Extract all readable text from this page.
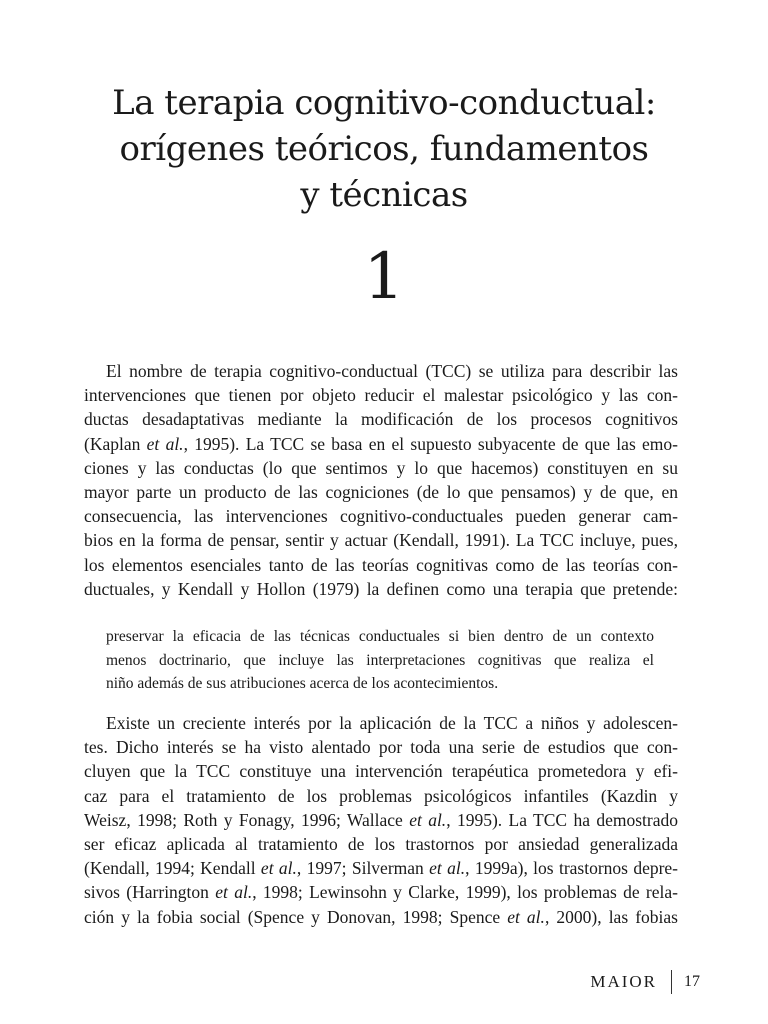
La terapia cognitivo-conductual:
orígenes teóricos, fundamentos
y técnicas
1

El nombre de terapia cognitivo-conductual (TCC) se utiliza para describir las
intervenciones que tienen por objeto reducir el malestar psicológico y las con-
ductas desadaptativas mediante la modificación de los procesos cognitivos
(Kaplan et al., 1995). La TCC se basa en el supuesto subyacente de que las emo-
ciones y las conductas (lo que sentimos y lo que hacemos) constituyen en su
mayor parte un producto de las cogniciones (de lo que pensamos) y de que, en
consecuencia, las intervenciones cognitivo-conductuales pueden generar cam-
bios en la forma de pensar, sentir y actuar (Kendall, 1991). La TCC incluye, pues,
los elementos esenciales tanto de las teorías cognitivas como de las teorías con-
ductuales, y Kendall y Hollon (1979) la definen como una terapia que pretende:

preservar la eficacia de las técnicas conductuales si bien dentro de un contexto
menos doctrinario, que incluye las interpretaciones cognitivas que realiza el
niño además de sus atribuciones acerca de los acontecimientos.

Existe un creciente interés por la aplicación de la TCC a niños y adolescen-
tes. Dicho interés se ha visto alentado por toda una serie de estudios que con-
cluyen que la TCC constituye una intervención terapéutica prometedora y efi-
caz para el tratamiento de los problemas psicológicos infantiles (Kazdin y
Weisz, 1998; Roth y Fonagy, 1996; Wallace et al., 1995). La TCC ha demostrado
ser eficaz aplicada al tratamiento de los trastornos por ansiedad generalizada
(Kendall, 1994; Kendall et al., 1997; Silverman et al., 1999a), los trastornos depre-
sivos (Harrington et al., 1998; Lewinsohn y Clarke, 1999), los problemas de rela-
ción y la fobia social (Spence y Donovan, 1998; Spence et al., 2000), las fobias

MAIOR 17
